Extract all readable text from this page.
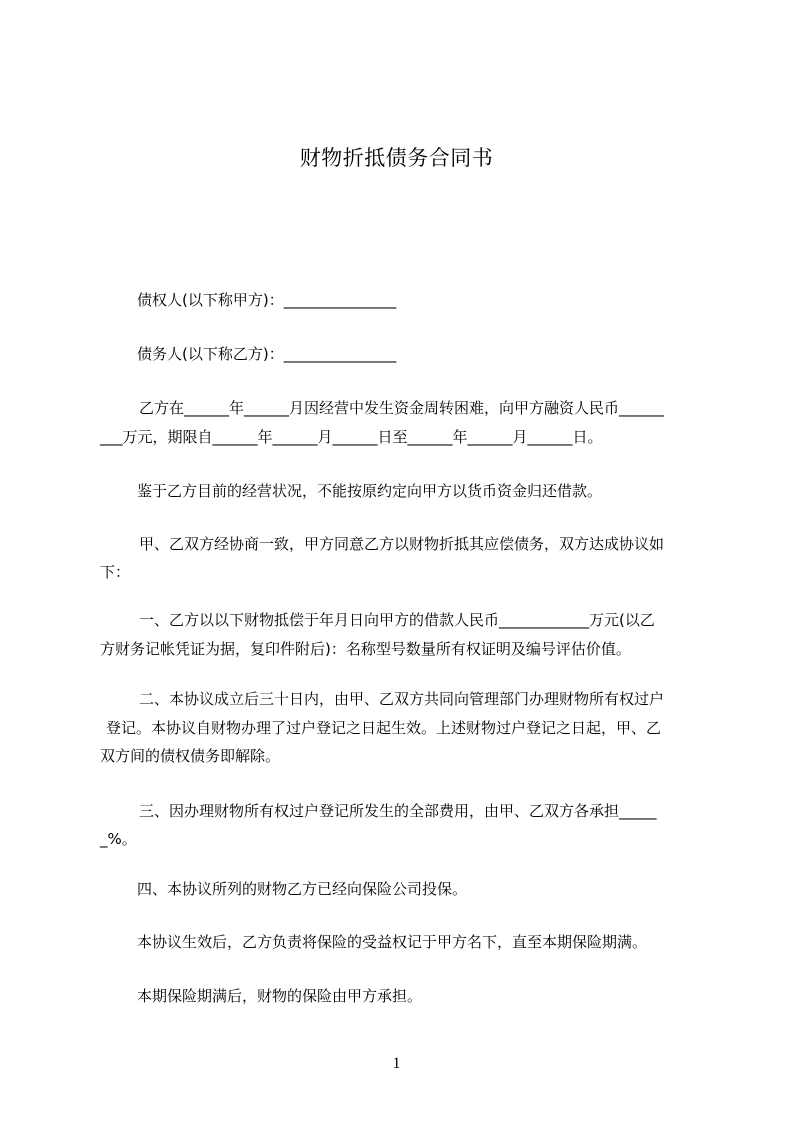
财物折抵债务合同书
债权人(以下称甲方)：_______________
债务人(以下称乙方)：_______________
乙方在______年______月因经营中发生资金周转困难，向甲方融资人民币______
___万元，期限自______年______月______日至______年______月______日。
鉴于乙方目前的经营状况，不能按原约定向甲方以货币资金归还借款。
甲、乙双方经协商一致，甲方同意乙方以财物折抵其应偿债务，双方达成协议如
下：
一、乙方以以下财物抵偿于年月日向甲方的借款人民币____________万元(以乙
方财务记帐凭证为据，复印件附后)：名称型号数量所有权证明及编号评估价值。
二、本协议成立后三十日内，由甲、乙双方共同向管理部门办理财物所有权过户
登记。本协议自财物办理了过户登记之日起生效。上述财物过户登记之日起，甲、乙
双方间的债权债务即解除。
三、因办理财物所有权过户登记所发生的全部费用，由甲、乙双方各承担_____
_%。
四、本协议所列的财物乙方已经向保险公司投保。
本协议生效后，乙方负责将保险的受益权记于甲方名下，直至本期保险期满。
本期保险期满后，财物的保险由甲方承担。
1
